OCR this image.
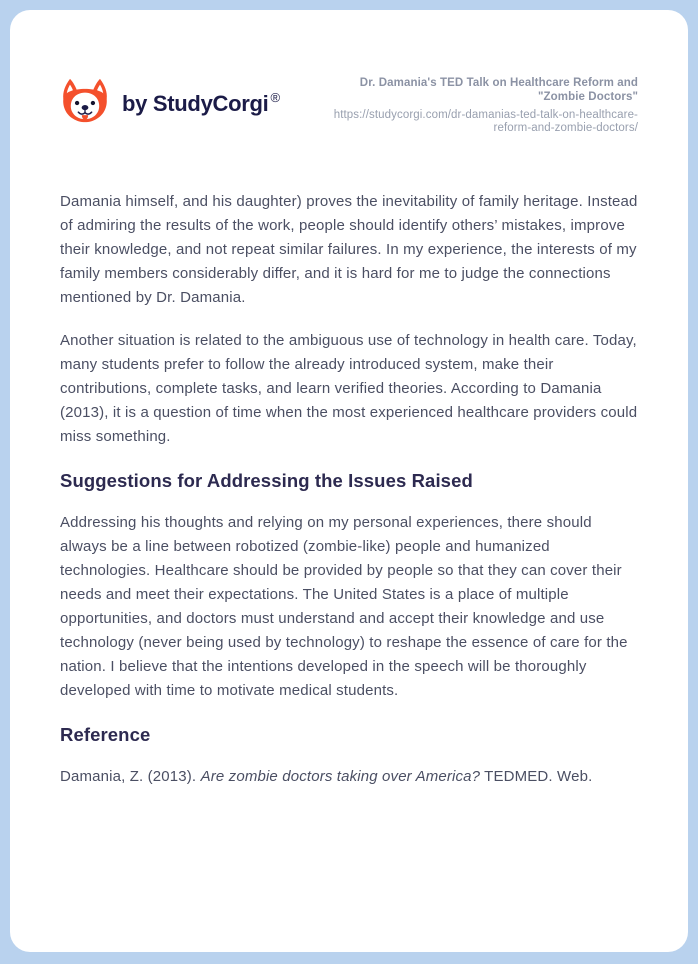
by StudyCorgi ®
Dr. Damania's TED Talk on Healthcare Reform and
"Zombie Doctors"
https://studycorgi.com/dr-damanias-ted-talk-on-healthcare-
reform-and-zombie-doctors/

Damania himself, and his daughter) proves the inevitability of family heritage. Instead of admiring the results of the work, people should identify others’ mistakes, improve their knowledge, and not repeat similar failures. In my experience, the interests of my family members considerably differ, and it is hard for me to judge the connections mentioned by Dr. Damania.

Another situation is related to the ambiguous use of technology in health care. Today, many students prefer to follow the already introduced system, make their contributions, complete tasks, and learn verified theories. According to Damania (2013), it is a question of time when the most experienced healthcare providers could miss something.

Suggestions for Addressing the Issues Raised

Addressing his thoughts and relying on my personal experiences, there should always be a line between robotized (zombie-like) people and humanized technologies. Healthcare should be provided by people so that they can cover their needs and meet their expectations. The United States is a place of multiple opportunities, and doctors must understand and accept their knowledge and use technology (never being used by technology) to reshape the essence of care for the nation. I believe that the intentions developed in the speech will be thoroughly developed with time to motivate medical students.

Reference

Damania, Z. (2013). Are zombie doctors taking over America? TEDMED. Web.
